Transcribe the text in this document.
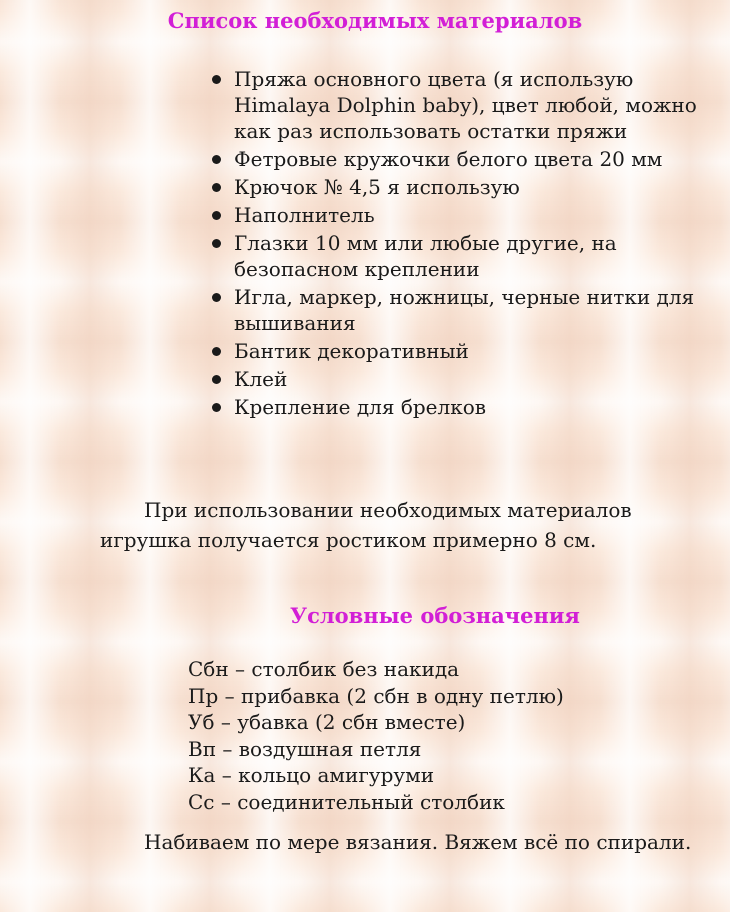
Список необходимых материалов
Пряжа основного цвета (я использую Himalaya Dolphin baby), цвет любой, можно как раз использовать остатки пряжи
Фетровые кружочки белого цвета 20 мм
Крючок № 4,5 я использую
Наполнитель
Глазки 10 мм или любые другие, на безопасном креплении
Игла, маркер, ножницы, черные нитки для вышивания
Бантик декоративный
Клей
Крепление для брелков
При использовании необходимых материалов игрушка получается ростиком примерно 8 см.
Условные обозначения
Сбн – столбик без накида
Пр – прибавка (2 сбн в одну петлю)
Уб – убавка (2 сбн вместе)
Вп – воздушная петля
Ка – кольцо амигуруми
Сс – соединительный столбик
Набиваем по мере вязания. Вяжем всё по спирали.
